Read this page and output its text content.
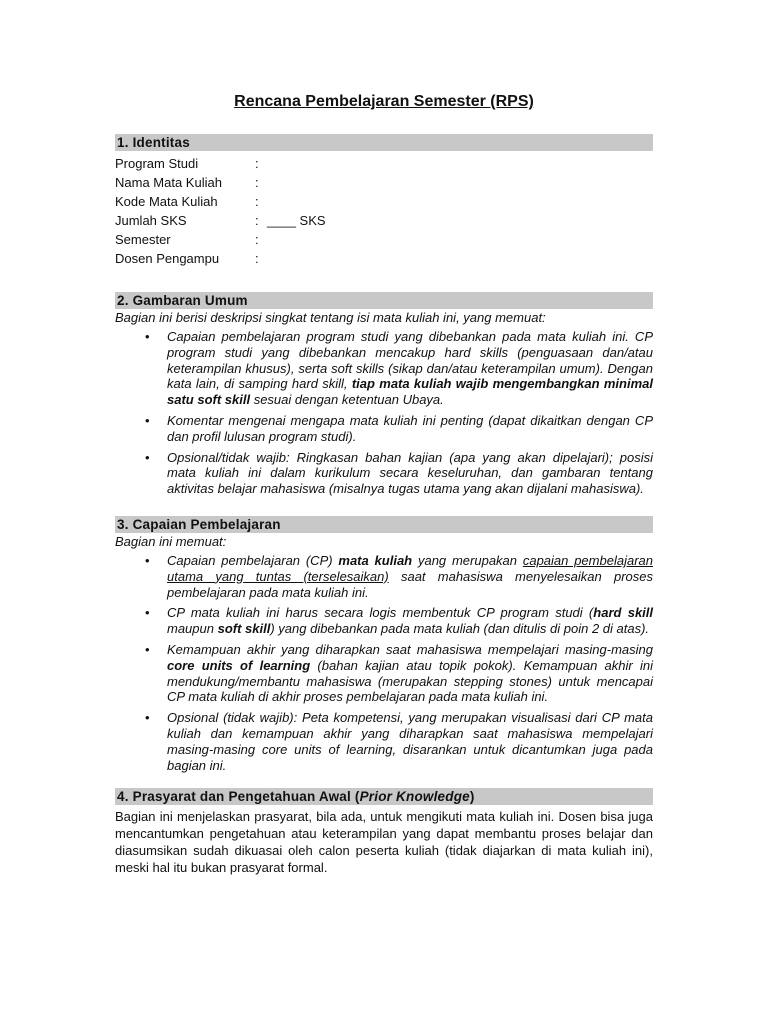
Rencana Pembelajaran Semester (RPS)
1. Identitas
Program Studi	:
Nama Mata Kuliah	:
Kode Mata Kuliah	:
Jumlah SKS	: ____ SKS
Semester	:
Dosen Pengampu	:
2. Gambaran Umum
Bagian ini berisi deskripsi singkat tentang isi mata kuliah ini, yang memuat:
• Capaian pembelajaran program studi yang dibebankan pada mata kuliah ini. CP program studi yang dibebankan mencakup hard skills (penguasaan dan/atau keterampilan khusus), serta soft skills (sikap dan/atau keterampilan umum). Dengan kata lain, di samping hard skill, tiap mata kuliah wajib mengembangkan minimal satu soft skill sesuai dengan ketentuan Ubaya.
• Komentar mengenai mengapa mata kuliah ini penting (dapat dikaitkan dengan CP dan profil lulusan program studi).
• Opsional/tidak wajib: Ringkasan bahan kajian (apa yang akan dipelajari); posisi mata kuliah ini dalam kurikulum secara keseluruhan, dan gambaran tentang aktivitas belajar mahasiswa (misalnya tugas utama yang akan dijalani mahasiswa).
3. Capaian Pembelajaran
Bagian ini memuat:
• Capaian pembelajaran (CP) mata kuliah yang merupakan capaian pembelajaran utama yang tuntas (terselesaikan) saat mahasiswa menyelesaikan proses pembelajaran pada mata kuliah ini.
• CP mata kuliah ini harus secara logis membentuk CP program studi (hard skill maupun soft skill) yang dibebankan pada mata kuliah (dan ditulis di poin 2 di atas).
• Kemampuan akhir yang diharapkan saat mahasiswa mempelajari masing-masing core units of learning (bahan kajian atau topik pokok). Kemampuan akhir ini mendukung/membantu mahasiswa (merupakan stepping stones) untuk mencapai CP mata kuliah di akhir proses pembelajaran pada mata kuliah ini.
• Opsional (tidak wajib): Peta kompetensi, yang merupakan visualisasi dari CP mata kuliah dan kemampuan akhir yang diharapkan saat mahasiswa mempelajari masing-masing core units of learning, disarankan untuk dicantumkan juga pada bagian ini.
4. Prasyarat dan Pengetahuan Awal (Prior Knowledge)
Bagian ini menjelaskan prasyarat, bila ada, untuk mengikuti mata kuliah ini. Dosen bisa juga mencantumkan pengetahuan atau keterampilan yang dapat membantu proses belajar dan diasumsikan sudah dikuasai oleh calon peserta kuliah (tidak diajarkan di mata kuliah ini), meski hal itu bukan prasyarat formal.
